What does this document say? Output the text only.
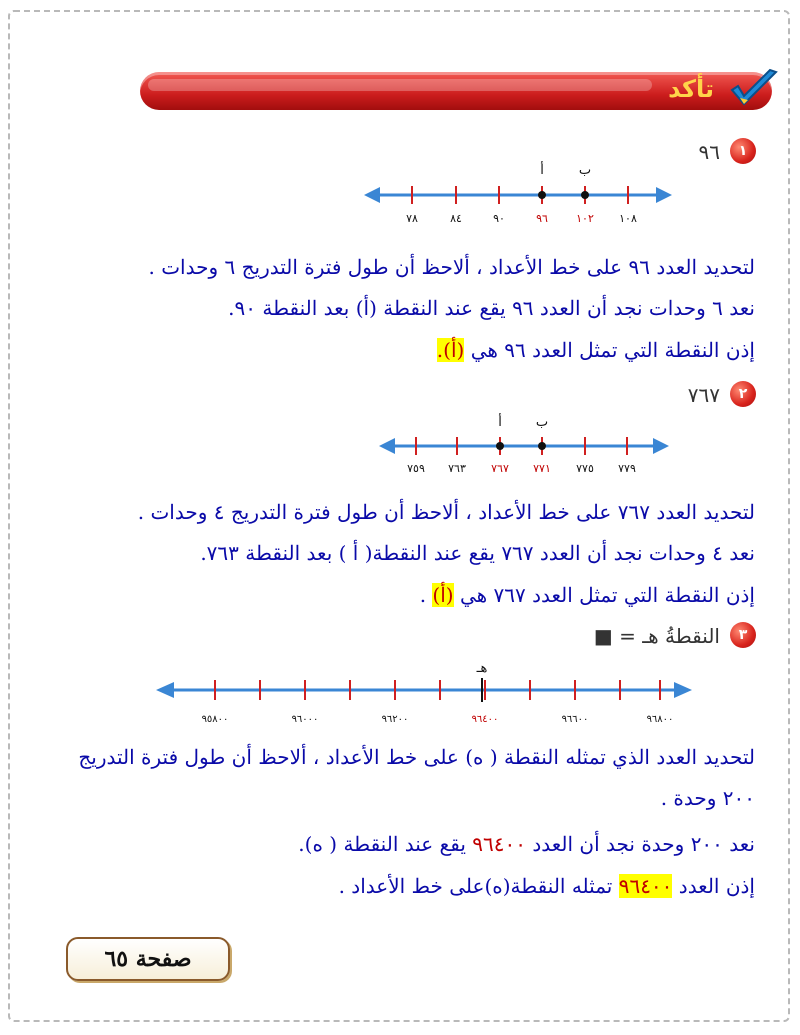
تأكد
١
٩٦
أ	ب
٧٨	٨٤	٩٠	٩٦	١٠٢ ١٠٨
لتحديد العدد ٩٦ على خط الأعداد ، ألاحظ أن طول فترة التدريج ٦ وحدات .
نعد ٦ وحدات نجد أن العدد ٩٦ يقع عند النقطة (أ) بعد النقطة ٩٠.
إذن النقطة التي تمثل العدد ٩٦ هي (أ).
٢
٧٦٧
أ	ب
٧٥٩ ٧٦٣ ٧٦٧ ٧٧١ ٧٧٥ ٧٧٩
لتحديد العدد ٧٦٧ على خط الأعداد ، ألاحظ أن طول فترة التدريج ٤ وحدات .
نعد ٤ وحدات نجد أن العدد ٧٦٧ يقع عند النقطة( أ ) بعد النقطة ٧٦٣.
إذن النقطة التي تمثل العدد ٧٦٧ هي (أ) .
٣
النقطةُ هـ = ■
هـ
٩٥٨٠٠	٩٦٠٠٠	٩٦٢٠٠	٩٦٤٠٠	٩٦٦٠٠	٩٦٨٠٠
لتحديد العدد الذي تمثله النقطة ( ه) على خط الأعداد ، ألاحظ أن طول فترة التدريج
٢٠٠ وحدة .
نعد ٢٠٠ وحدة نجد أن العدد ٩٦٤٠٠ يقع عند النقطة ( ه).
إذن العدد ٩٦٤٠٠ تمثله النقطة(ه)على خط الأعداد .
صفحة ٦٥
